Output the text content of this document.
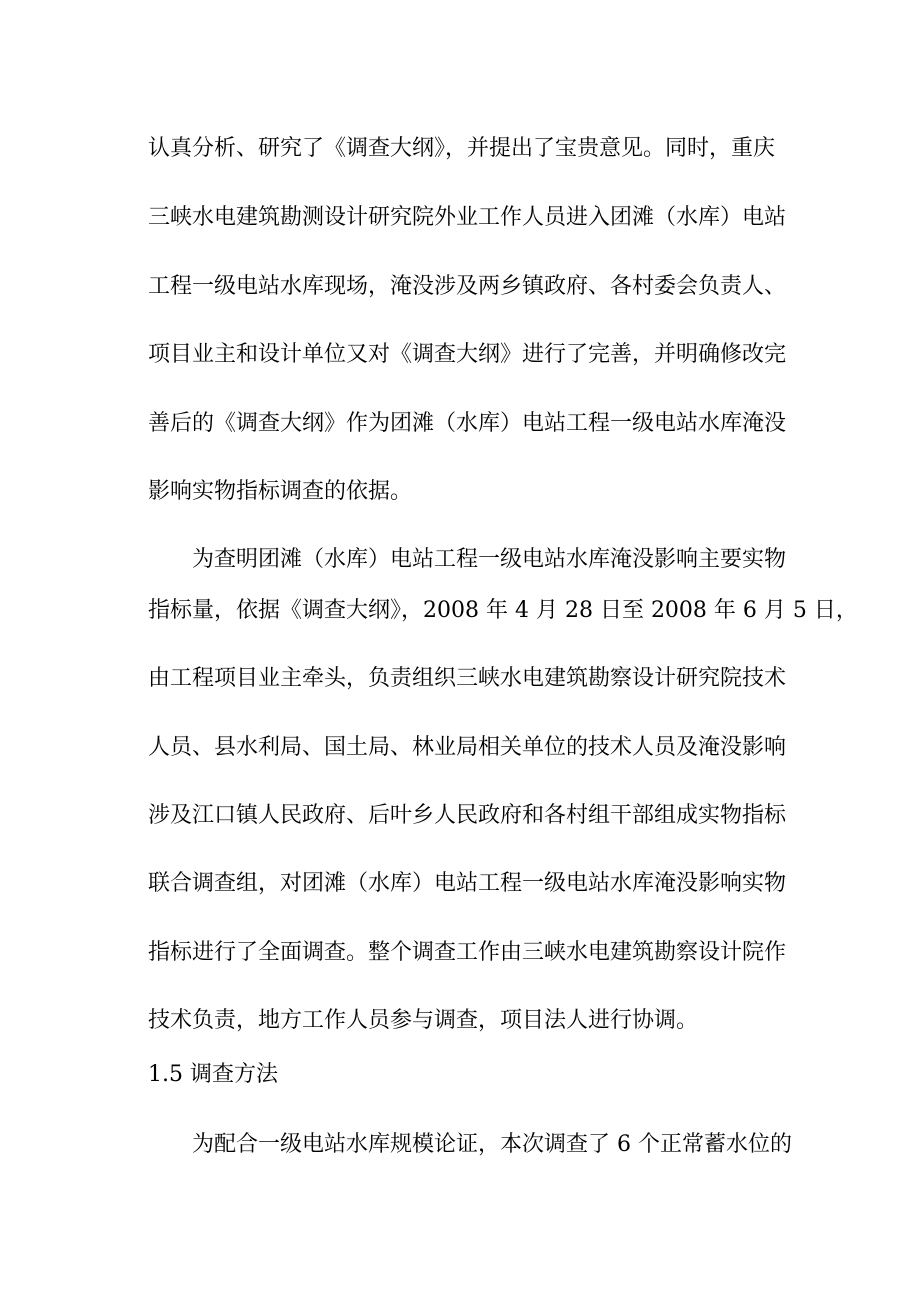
认真分析、研究了《调查大纲》，并提出了宝贵意见。同时，重庆
三峡水电建筑勘测设计研究院外业工作人员进入团滩（水库）电站
工程一级电站水库现场，淹没涉及两乡镇政府、各村委会负责人、
项目业主和设计单位又对《调查大纲》进行了完善，并明确修改完
善后的《调查大纲》作为团滩（水库）电站工程一级电站水库淹没
影响实物指标调查的依据。
为查明团滩（水库）电站工程一级电站水库淹没影响主要实物
指标量，依据《调查大纲》，2008 年 4 月 28 日至 2008 年 6 月 5 日，
由工程项目业主牵头，负责组织三峡水电建筑勘察设计研究院技术
人员、县水利局、国土局、林业局相关单位的技术人员及淹没影响
涉及江口镇人民政府、后叶乡人民政府和各村组干部组成实物指标
联合调查组，对团滩（水库）电站工程一级电站水库淹没影响实物
指标进行了全面调查。整个调查工作由三峡水电建筑勘察设计院作
技术负责，地方工作人员参与调查，项目法人进行协调。
1.5 调查方法
为配合一级电站水库规模论证，本次调查了 6 个正常蓄水位的
